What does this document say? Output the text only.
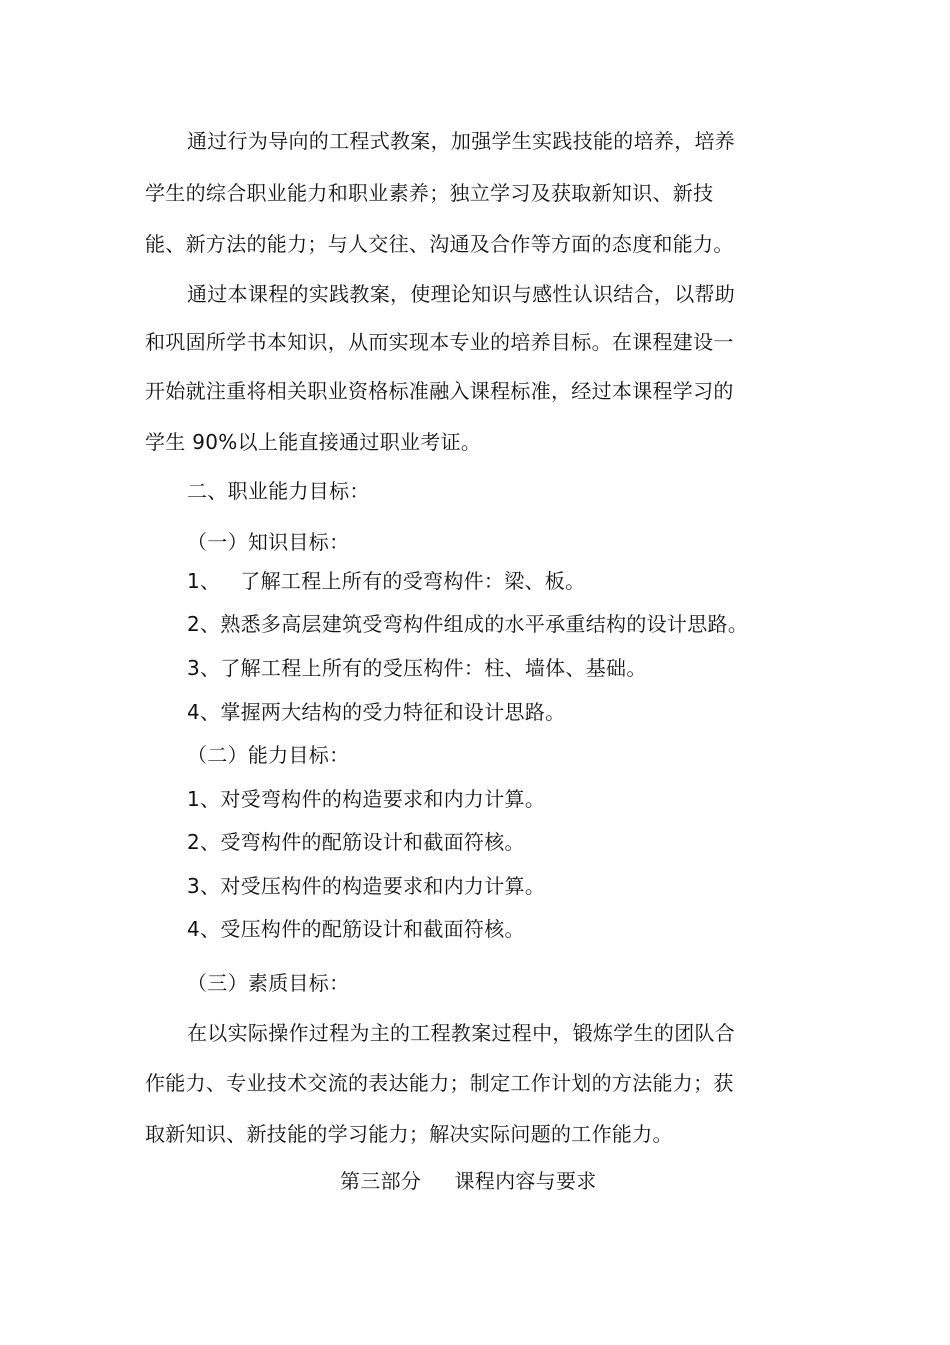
通过行为导向的工程式教案，加强学生实践技能的培养，培养
学生的综合职业能力和职业素养；独立学习及获取新知识、新技
能、新方法的能力；与人交往、沟通及合作等方面的态度和能力。
通过本课程的实践教案，使理论知识与感性认识结合，以帮助
和巩固所学书本知识，从而实现本专业的培养目标。在课程建设一
开始就注重将相关职业资格标准融入课程标准，经过本课程学习的
学生 90%以上能直接通过职业考证。
二、职业能力目标：
（一）知识目标：
1、   了解工程上所有的受弯构件：梁、板。
2、熟悉多高层建筑受弯构件组成的水平承重结构的设计思路。
3、了解工程上所有的受压构件：柱、墙体、基础。
4、掌握两大结构的受力特征和设计思路。
（二）能力目标：
1、对受弯构件的构造要求和内力计算。
2、受弯构件的配筋设计和截面符核。
3、对受压构件的构造要求和内力计算。
4、受压构件的配筋设计和截面符核。
（三）素质目标：
在以实际操作过程为主的工程教案过程中，锻炼学生的团队合
作能力、专业技术交流的表达能力；制定工作计划的方法能力；获
取新知识、新技能的学习能力；解决实际问题的工作能力。
第三部分     课程内容与要求
